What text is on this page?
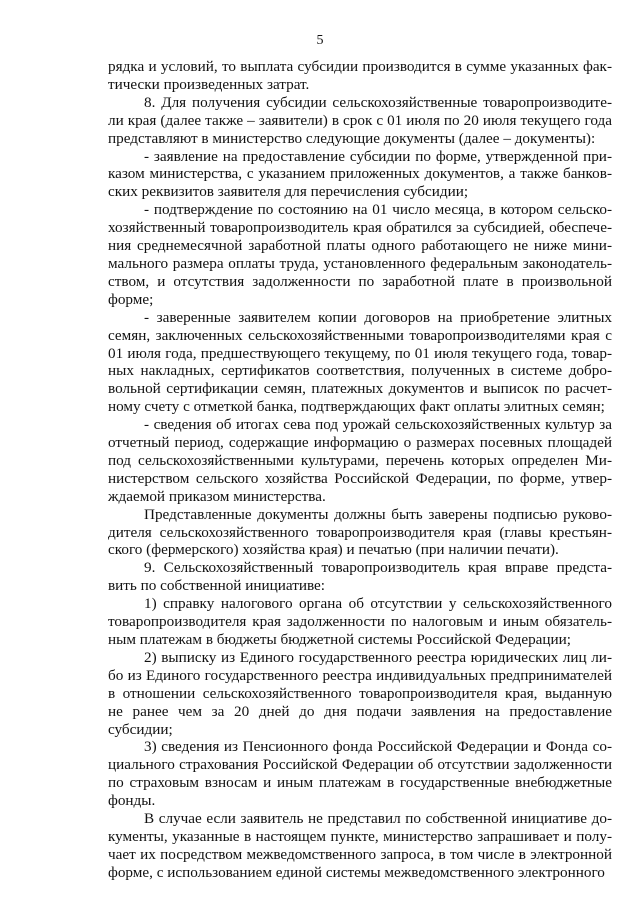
5

рядка и условий, то выплата субсидии производится в сумме указанных фактически произведенных затрат.

8. Для получения субсидии сельскохозяйственные товаропроизводители края (далее также – заявители) в срок с 01 июля по 20 июля текущего года представляют в министерство следующие документы (далее – документы):

- заявление на предоставление субсидии по форме, утвержденной приказом министерства, с указанием приложенных документов, а также банковских реквизитов заявителя для перечисления субсидии;

- подтверждение по состоянию на 01 число месяца, в котором сельскохозяйственный товаропроизводитель края обратился за субсидией, обеспечения среднемесячной заработной платы одного работающего не ниже минимального размера оплаты труда, установленного федеральным законодательством, и отсутствия задолженности по заработной плате в произвольной форме;

- заверенные заявителем копии договоров на приобретение элитных семян, заключенных сельскохозяйственными товаропроизводителями края с 01 июля года, предшествующего текущему, по 01 июля текущего года, товарных накладных, сертификатов соответствия, полученных в системе добровольной сертификации семян, платежных документов и выписок по расчетному счету с отметкой банка, подтверждающих факт оплаты элитных семян;

- сведения об итогах сева под урожай сельскохозяйственных культур за отчетный период, содержащие информацию о размерах посевных площадей под сельскохозяйственными культурами, перечень которых определен Министерством сельского хозяйства Российской Федерации, по форме, утверждаемой приказом министерства.

Представленные документы должны быть заверены подписью руководителя сельскохозяйственного товаропроизводителя края (главы крестьянского (фермерского) хозяйства края) и печатью (при наличии печати).

9. Сельскохозяйственный товаропроизводитель края вправе представить по собственной инициативе:

1) справку налогового органа об отсутствии у сельскохозяйственного товаропроизводителя края задолженности по налоговым и иным обязательным платежам в бюджеты бюджетной системы Российской Федерации;

2) выписку из Единого государственного реестра юридических лиц либо из Единого государственного реестра индивидуальных предпринимателей в отношении сельскохозяйственного товаропроизводителя края, выданную не ранее чем за 20 дней до дня подачи заявления на предоставление субсидии;

3) сведения из Пенсионного фонда Российской Федерации и Фонда социального страхования Российской Федерации об отсутствии задолженности по страховым взносам и иным платежам в государственные внебюджетные фонды.

В случае если заявитель не представил по собственной инициативе документы, указанные в настоящем пункте, министерство запрашивает и получает их посредством межведомственного запроса, в том числе в электронной форме, с использованием единой системы межведомственного электронного
